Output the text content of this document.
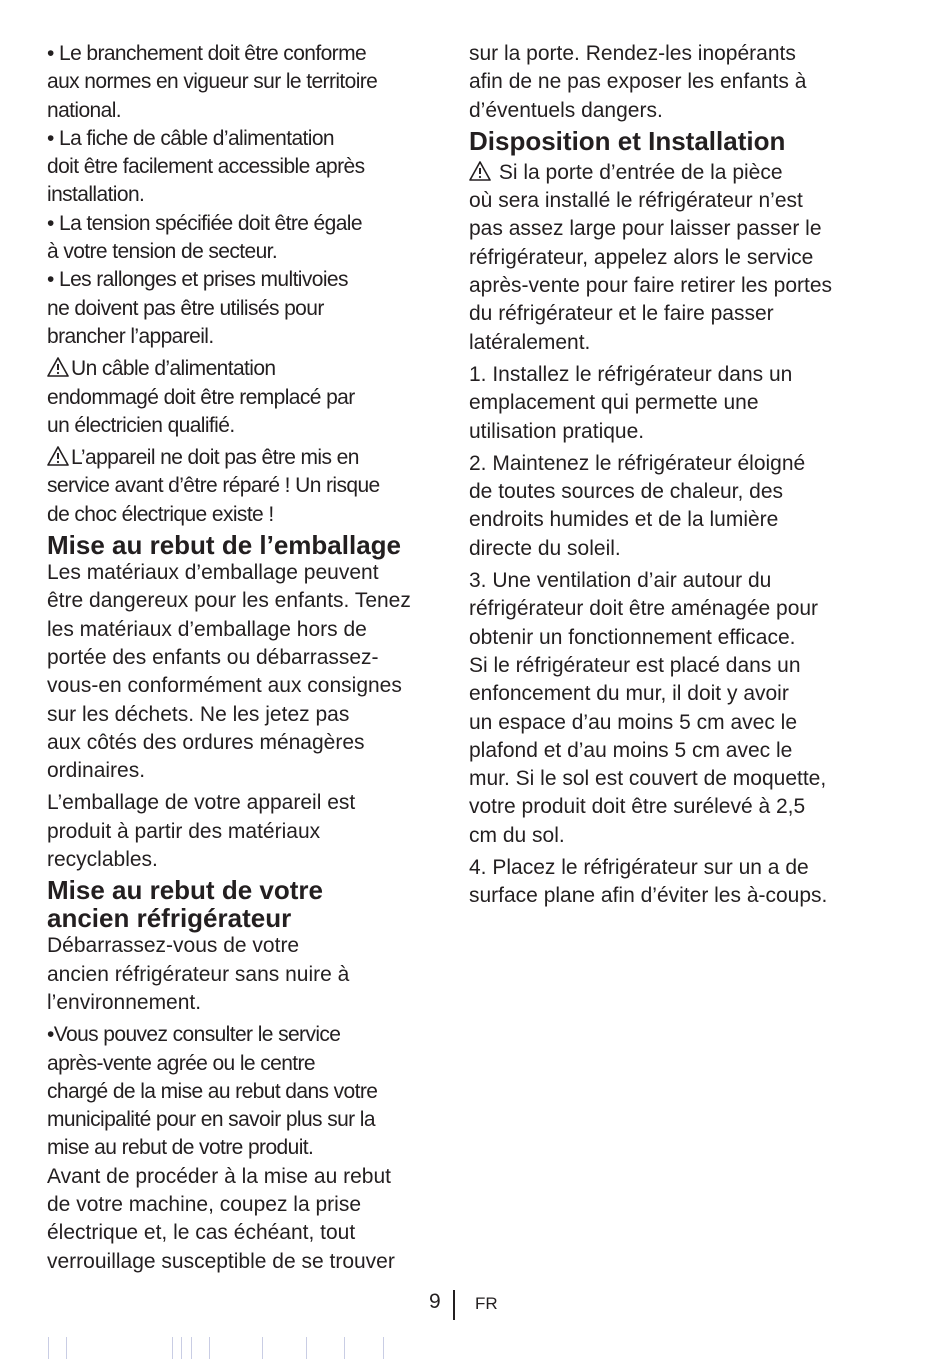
• Le branchement doit être conforme
aux normes en vigueur sur le territoire
national.

• La fiche de câble d’alimentation
doit être facilement accessible après
installation.

• La tension spécifiée doit être égale
à votre tension de secteur.

• Les rallonges et prises multivoies
ne doivent pas être utilisés pour
brancher l’appareil.

Un câble d’alimentation
endommagé doit être remplacé par
un électricien qualifié.

L’appareil ne doit pas être mis en
service avant d’être réparé ! Un risque
de choc électrique existe !

Mise au rebut de l’emballage

Les matériaux d’emballage peuvent
être dangereux pour les enfants. Tenez
les matériaux d’emballage hors de
portée des enfants ou débarrassez-
vous-en conformément aux consignes
sur les déchets. Ne les jetez pas
aux côtés des ordures ménagères
ordinaires.

L’emballage de votre appareil est
produit à partir des matériaux
recyclables.

Mise au rebut de votre
ancien réfrigérateur

Débarrassez-vous de votre
ancien réfrigérateur sans nuire à
l’environnement.

•Vous pouvez consulter le service
après-vente agrée ou le centre
chargé de la mise au rebut dans votre
municipalité pour en savoir plus sur la
mise au rebut de votre produit.

Avant de procéder à la mise au rebut
de votre machine, coupez la prise
électrique et, le cas échéant, tout
verrouillage susceptible de se trouver

sur la porte. Rendez-les inopérants
afin de ne pas exposer les enfants à
d’éventuels dangers.

Disposition et Installation

Si la porte d’entrée de la pièce
où sera installé le réfrigérateur n’est
pas assez large pour laisser passer le
réfrigérateur, appelez alors le service
après-vente pour faire retirer les portes
du réfrigérateur et le faire passer
latéralement.

1. Installez le réfrigérateur dans un
emplacement qui permette une
utilisation pratique.

2. Maintenez le réfrigérateur éloigné
de toutes sources de chaleur, des
endroits humides et de la lumière
directe du soleil.

3. Une ventilation d’air autour du
réfrigérateur doit être aménagée pour
obtenir un fonctionnement efficace.
Si le réfrigérateur est placé dans un
enfoncement du mur, il doit y avoir
un espace d’au moins 5 cm avec le
plafond et d’au moins 5 cm avec le
mur. Si le sol est couvert de moquette,
votre produit doit être surélevé à 2,5
cm du sol.

4. Placez le réfrigérateur sur un a de
surface plane afin d’éviter les à-coups.

9 FR
